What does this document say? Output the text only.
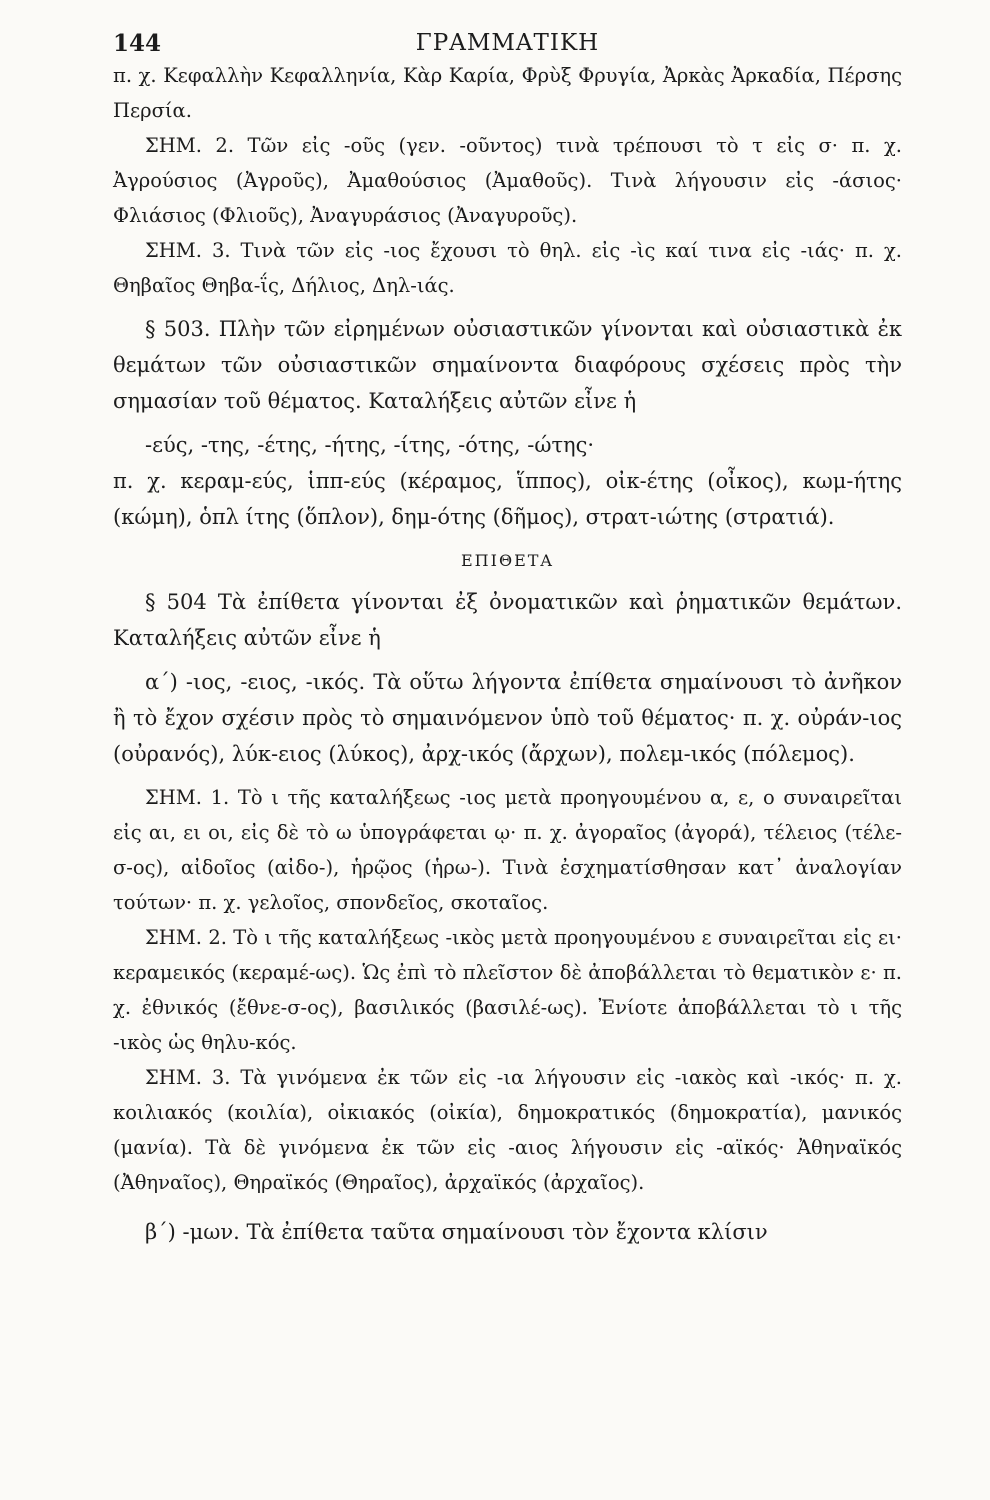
144	ΓΡΑΜΜΑΤΙΚΗ

π. χ. Κεφαλλὴν Κεφαλληνία, Κὰρ Καρία, Φρὺξ Φρυγία, Ἀρκὰς Ἀρκαδία, Πέρσης Περσία.

ΣΗΜ. 2. Τῶν εἰς -οῦς (γεν. -οῦντος) τινὰ τρέπουσι τὸ τ εἰς σ· π. χ. Ἀγρούσιος (Ἀγροῦς), Ἀμαθούσιος (Ἀμαθοῦς). Τινὰ λήγουσιν εἰς -άσιος· Φλιάσιος (Φλιοῦς), Ἀναγυράσιος (Ἀναγυροῦς).

ΣΗΜ. 3. Τινὰ τῶν εἰς -ιος ἔχουσι τὸ θηλ. εἰς -ὶς καί τινα εἰς -ιάς· π. χ. Θηβαῖος Θηβα-ΐς, Δήλιος, Δηλ-ιάς.

§ 503. Πλὴν τῶν εἰρημένων οὐσιαστικῶν γίνονται καὶ οὐσιαστικὰ ἐκ θεμάτων τῶν οὐσιαστικῶν σημαίνοντα διαφόρους σχέσεις πρὸς τὴν σημασίαν τοῦ θέματος. Καταλήξεις αὐτῶν εἶνε ἡ

-εύς, -της, -έτης, -ήτης, -ίτης, -ότης, -ώτης·

π. χ. κεραμ-εύς, ἱππ-εύς (κέραμος, ἵππος), οἰκ-έτης (οἶκος), κωμ-ήτης (κώμη), ὁπλ ίτης (ὅπλον), δημ-ότης (δῆμος), στρατ-ιώτης (στρατιά).

ΕΠΙΘΕΤΑ

§ 504 Τὰ ἐπίθετα γίνονται ἐξ ὀνοματικῶν καὶ ῥηματικῶν θεμάτων. Καταλήξεις αὐτῶν εἶνε ἡ

α΄) -ιος, -ειος, -ικός. Τὰ οὕτω λήγοντα ἐπίθετα σημαίνουσι τὸ ἀνῆκον ἢ τὸ ἔχον σχέσιν πρὸς τὸ σημαινόμενον ὑπὸ τοῦ θέματος· π. χ. οὐράν-ιος (οὐρανός), λύκ-ειος (λύκος), ἀρχ-ικός (ἄρχων), πολεμ-ικός (πόλεμος).

ΣΗΜ. 1. Τὸ ι τῆς καταλήξεως -ιος μετὰ προηγουμένου α, ε, ο συναιρεῖται εἰς αι, ει οι, εἰς δὲ τὸ ω ὑπογράφεται ῳ· π. χ. ἀγοραῖος (ἀγορά), τέλειος (τέλε-σ-ος), αἰδοῖος (αἰδο-), ἡρῷος (ἡρω-). Τινὰ ἐσχηματίσθησαν κατ᾽ ἀναλογίαν τούτων· π. χ. γελοῖος, σπονδεῖος, σκοταῖος.

ΣΗΜ. 2. Τὸ ι τῆς καταλήξεως -ικὸς μετὰ προηγουμένου ε συναιρεῖται εἰς ει· κεραμεικός (κεραμέ-ως). Ὡς ἐπὶ τὸ πλεῖστον δὲ ἀποβάλλεται τὸ θεματικὸν ε· π. χ. ἐθνικός (ἔθνε-σ-ος), βασιλικός (βασιλέ-ως). Ἐνίοτε ἀποβάλλεται τὸ ι τῆς -ικὸς ὡς θηλυ-κός.

ΣΗΜ. 3. Τὰ γινόμενα ἐκ τῶν εἰς -ια λήγουσιν εἰς -ιακὸς καὶ -ικός· π. χ. κοιλιακός (κοιλία), οἰκιακός (οἰκία), δημοκρατικός (δημοκρατία), μανικός (μανία). Τὰ δὲ γινόμενα ἐκ τῶν εἰς -αιος λήγουσιν εἰς -αϊκός· Ἀθηναϊκός (Ἀθηναῖος), Θηραϊκός (Θηραῖος), ἀρχαϊκός (ἀρχαῖος).

β΄) -μων. Τὰ ἐπίθετα ταῦτα σημαίνουσι τὸν ἔχοντα κλίσιν
